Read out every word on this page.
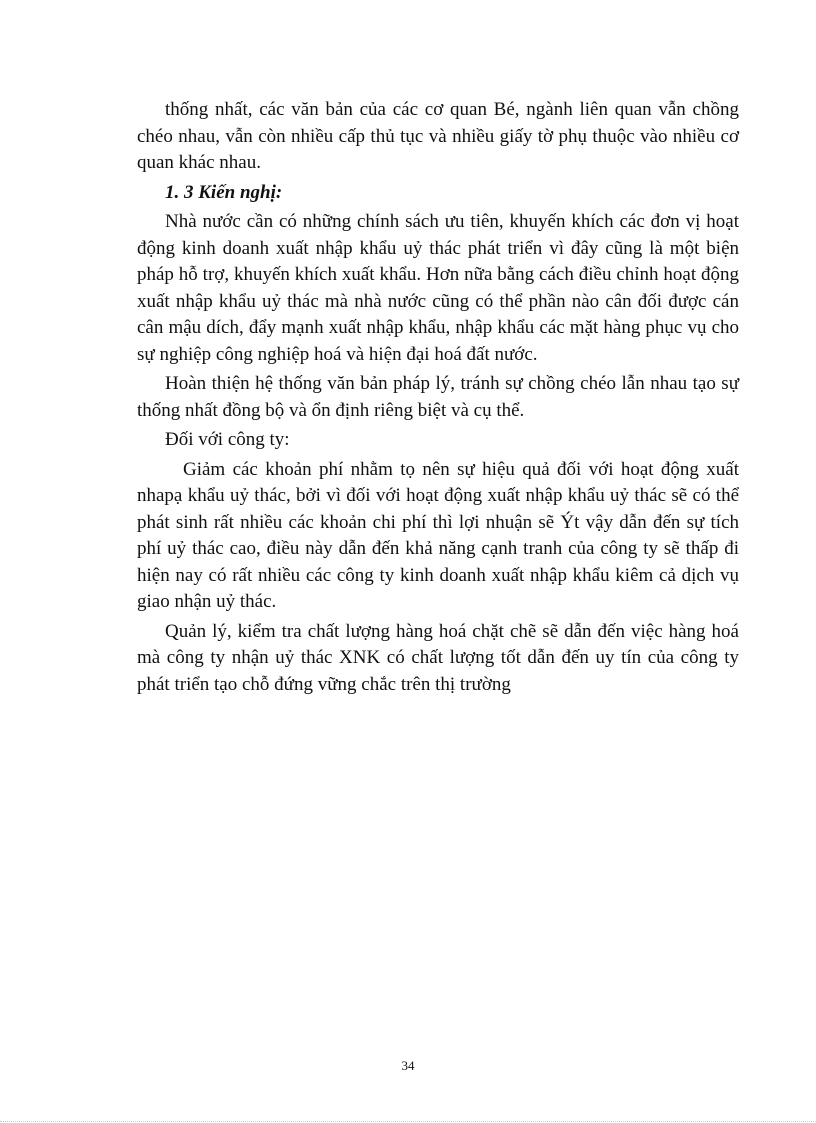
thống nhất, các văn bản của các cơ quan Bé, ngành liên quan vẫn chồng chéo nhau, vẫn còn nhiều cấp thủ tục và nhiều giấy tờ phụ thuộc vào nhiều cơ quan khác nhau.

1. 3 Kiến nghị:

Nhà nước cần có những chính sách ưu tiên, khuyến khích các đơn vị hoạt động kinh doanh xuất nhập khẩu uỷ thác phát triển vì đây cũng là một biện pháp hỗ trợ, khuyến khích xuất khẩu. Hơn nữa bằng cách điều chỉnh hoạt động xuất nhập khẩu uỷ thác mà nhà nước cũng có thể phần nào cân đối được cán cân mậu dích, đẩy mạnh xuất nhập khẩu, nhập khẩu các mặt hàng phục vụ cho sự nghiệp công nghiệp hoá và hiện đại hoá đất nước.

Hoàn thiện hệ thống văn bản pháp lý, tránh sự chồng chéo lẫn nhau tạo sự thống nhất đồng bộ và ổn định riêng biệt và cụ thể.

Đối với công ty:

Giảm các khoản phí nhằm tọ nên sự hiệu quả đối với hoạt động xuất nhapạ khẩu uỷ thác, bởi vì đối với hoạt động xuất nhập khẩu uỷ thác sẽ có thể phát sinh rất nhiều các khoản chi phí thì lợi nhuận sẽ Ýt vậy dẫn đến sự tích phí uỷ thác cao, điều này dẫn đến khả năng cạnh tranh của công ty sẽ thấp đi hiện nay có rất nhiều các công ty kinh doanh xuất nhập khẩu kiêm cả dịch vụ giao nhận uỷ thác.

Quản lý, kiểm tra chất lượng hàng hoá chặt chẽ sẽ dẫn đến việc hàng hoá mà công ty nhận uỷ thác XNK có chất lượng tốt dẫn đến uy tín của công ty phát triển tạo chỗ đứng vững chắc trên thị trường

34
